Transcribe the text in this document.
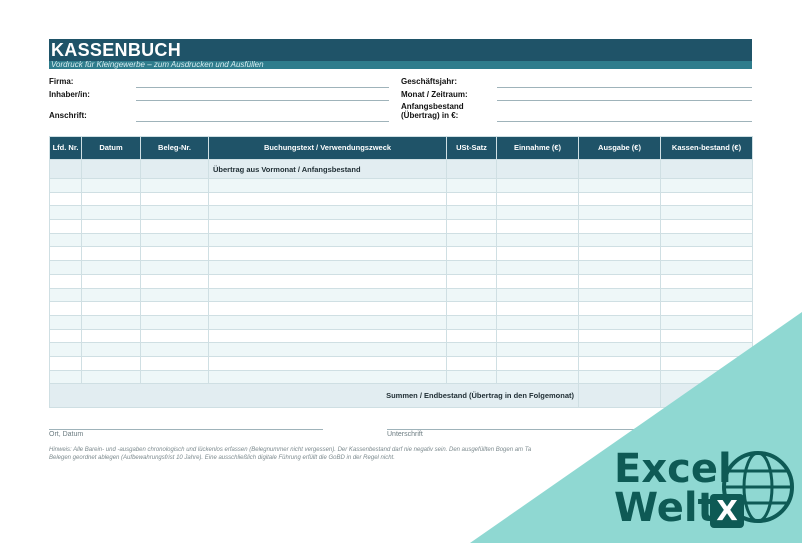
KASSENBUCH
Vordruck für Kleingewerbe – zum Ausdrucken und Ausfüllen
Firma:
Inhaber/in:
Anschrift:
Geschäftsjahr:
Monat / Zeitraum:
Anfangsbestand
(Übertrag) in €:
Lfd. Nr.	Datum	Beleg-Nr.	Buchungstext / Verwendungszweck	USt-Satz	Einnahme (€)	Ausgabe (€)	Kassen-bestand (€)
			Übertrag aus Vormonat / Anfangsbestand				

Summen / Endbestand (Übertrag in den Folgemonat)							
Ort, Datum	Unterschrift
Hinweis: Alle Barein- und -ausgaben chronologisch und lückenlos erfassen (Belegnummer nicht vergessen). Der Kassenbestand darf nie negativ sein. Den ausgefüllten Bogen am Ta
Belegen geordnet ablegen (Aufbewahrungsfrist 10 Jahre). Eine ausschließlich digitale Führung erfüllt die GoBD in der Regel nicht.	Excel
Welt X
